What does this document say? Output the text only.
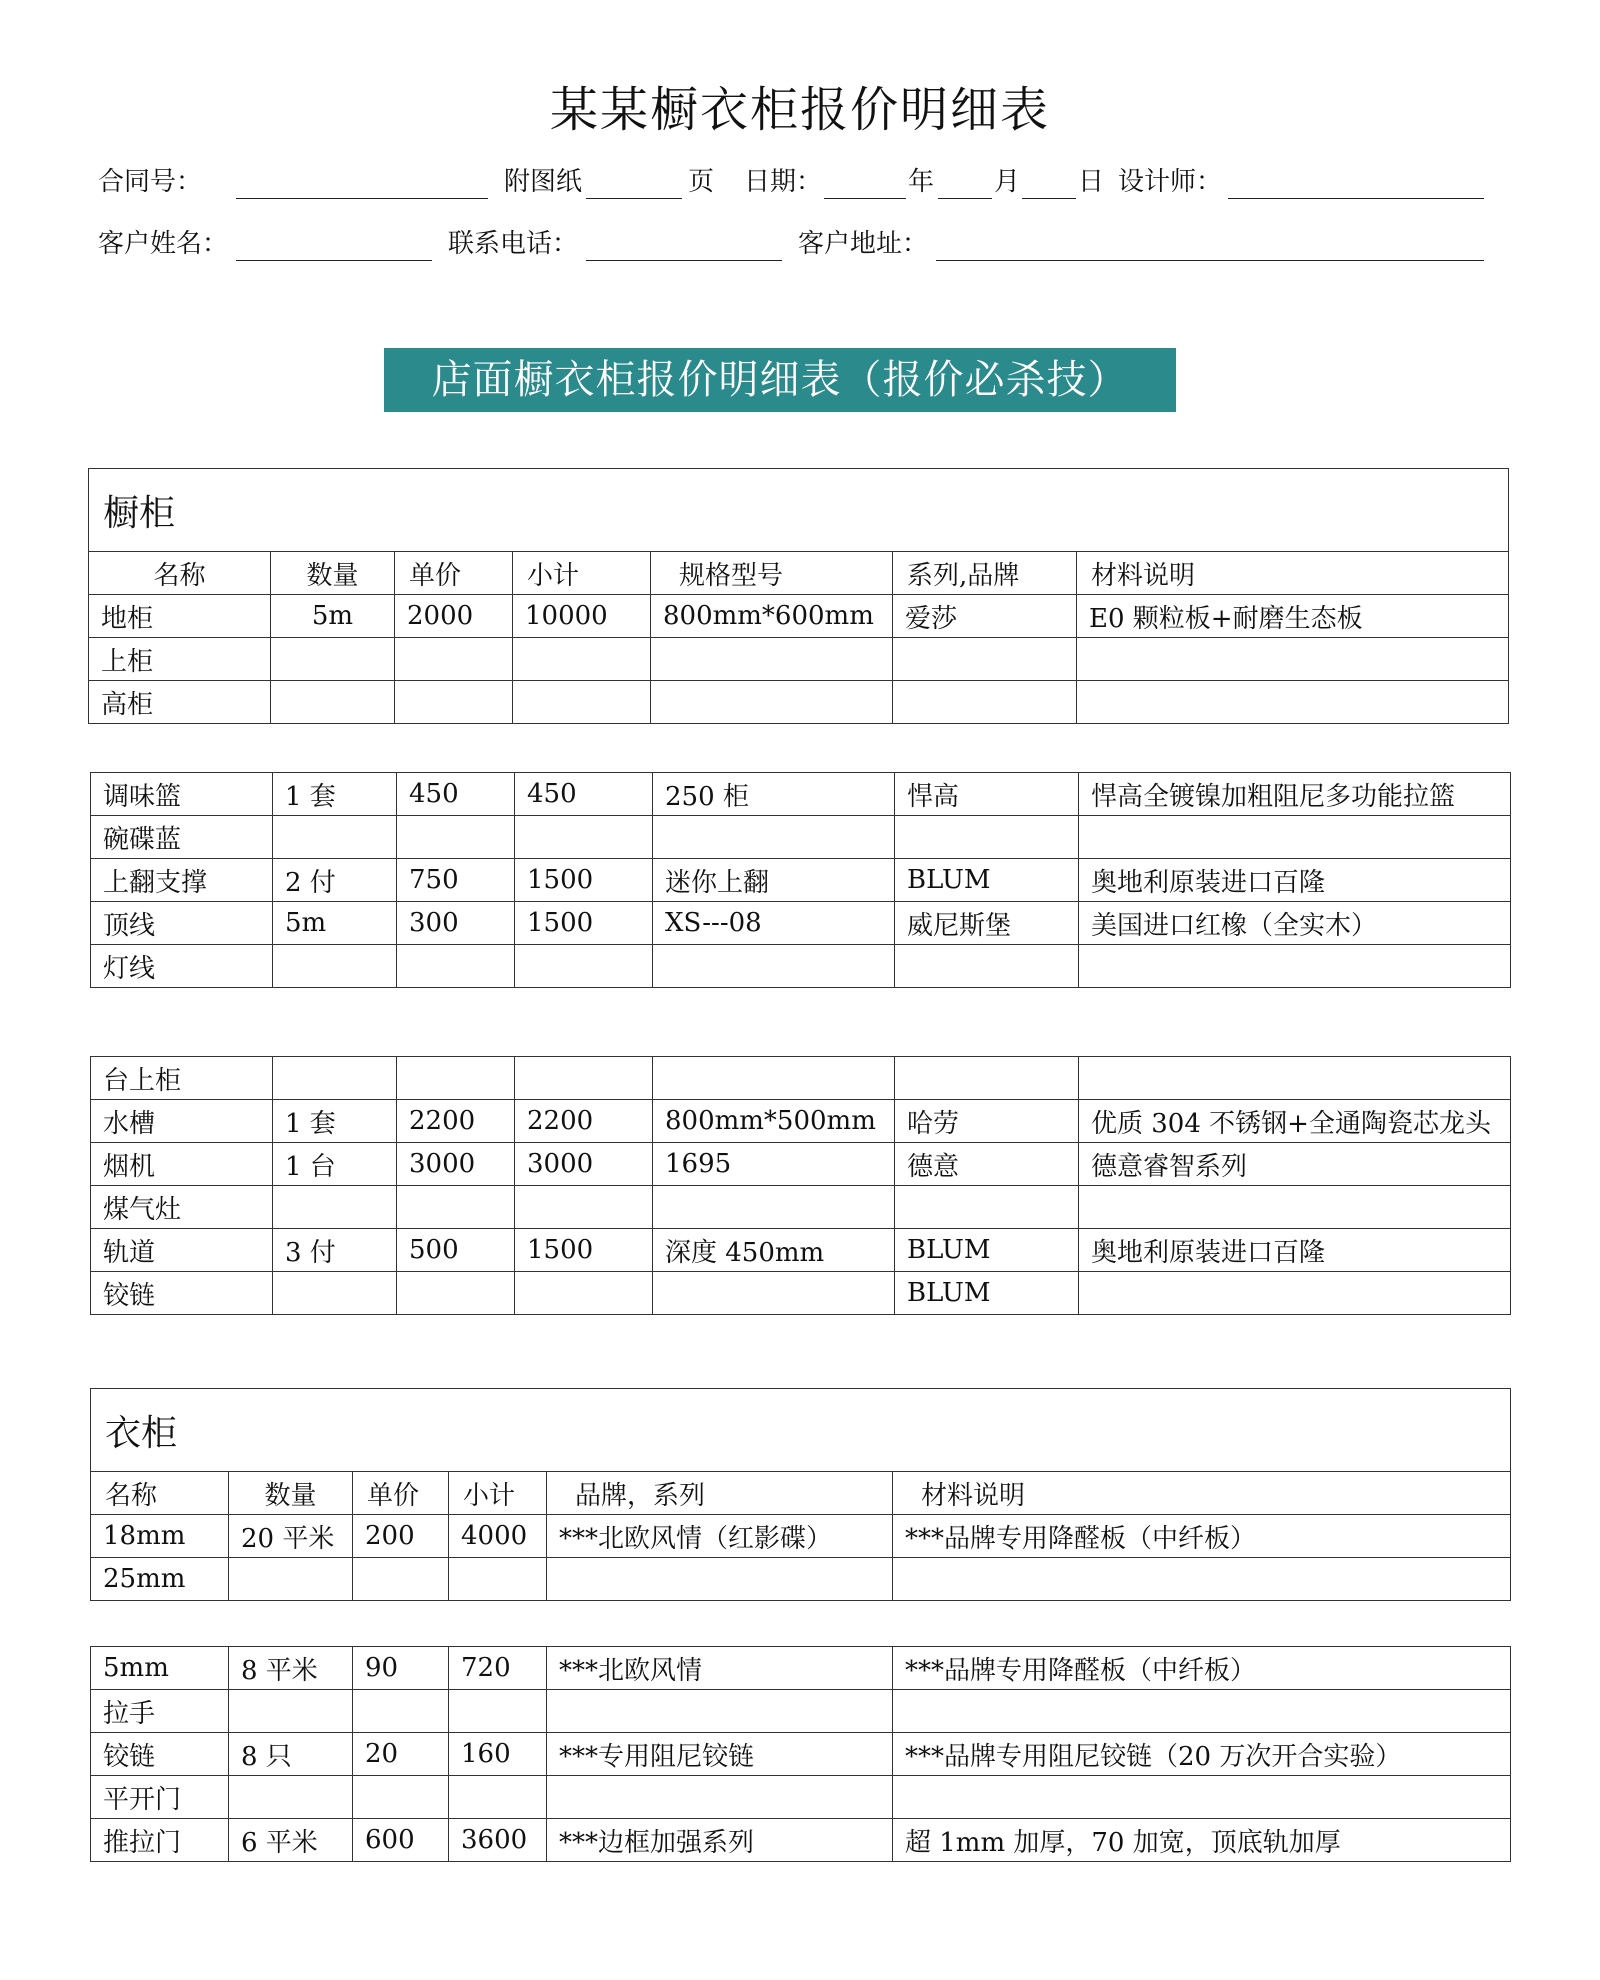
某某橱衣柜报价明细表
合同号：	附图纸	页 日期：	年 月 日 设计师：
客户姓名：	联系电话：	客户地址：
店面橱衣柜报价明细表（报价必杀技）
橱柜						
名称	数量	单价	小计	规格型号	系列,品牌	材料说明
地柜	5m	2000	10000	800mm*600mm	爱莎	E0 颗粒板+耐磨生态板
上柜						
高柜						
调味篮	1 套	450	450	250 柜	悍高	悍高全镀镍加粗阻尼多功能拉篮
碗碟蓝						
上翻支撑	2 付	750	1500	迷你上翻	BLUM	奥地利原装进口百隆
顶线	5m	300	1500	XS---08	威尼斯堡	美国进口红橡（全实木）
灯线						
台上柜						
水槽	1 套	2200	2200	800mm*500mm	哈劳	优质 304 不锈钢+全通陶瓷芯龙头
烟机	1 台	3000	3000	1695	德意	德意睿智系列
煤气灶						
轨道	3 付	500	1500	深度 450mm	BLUM	奥地利原装进口百隆
铰链					BLUM	
衣柜					
名称	数量	单价	小计	品牌，系列	材料说明
18mm	20 平米	200	4000	***北欧风情（红影碟）	***品牌专用降醛板（中纤板）
25mm					
5mm	8 平米	90	720	***北欧风情	***品牌专用降醛板（中纤板）
拉手					
铰链	8 只	20	160	***专用阻尼铰链	***品牌专用阻尼铰链（20 万次开合实验）
平开门					
推拉门	6 平米	600	3600	***边框加强系列	超 1mm 加厚，70 加宽，顶底轨加厚
